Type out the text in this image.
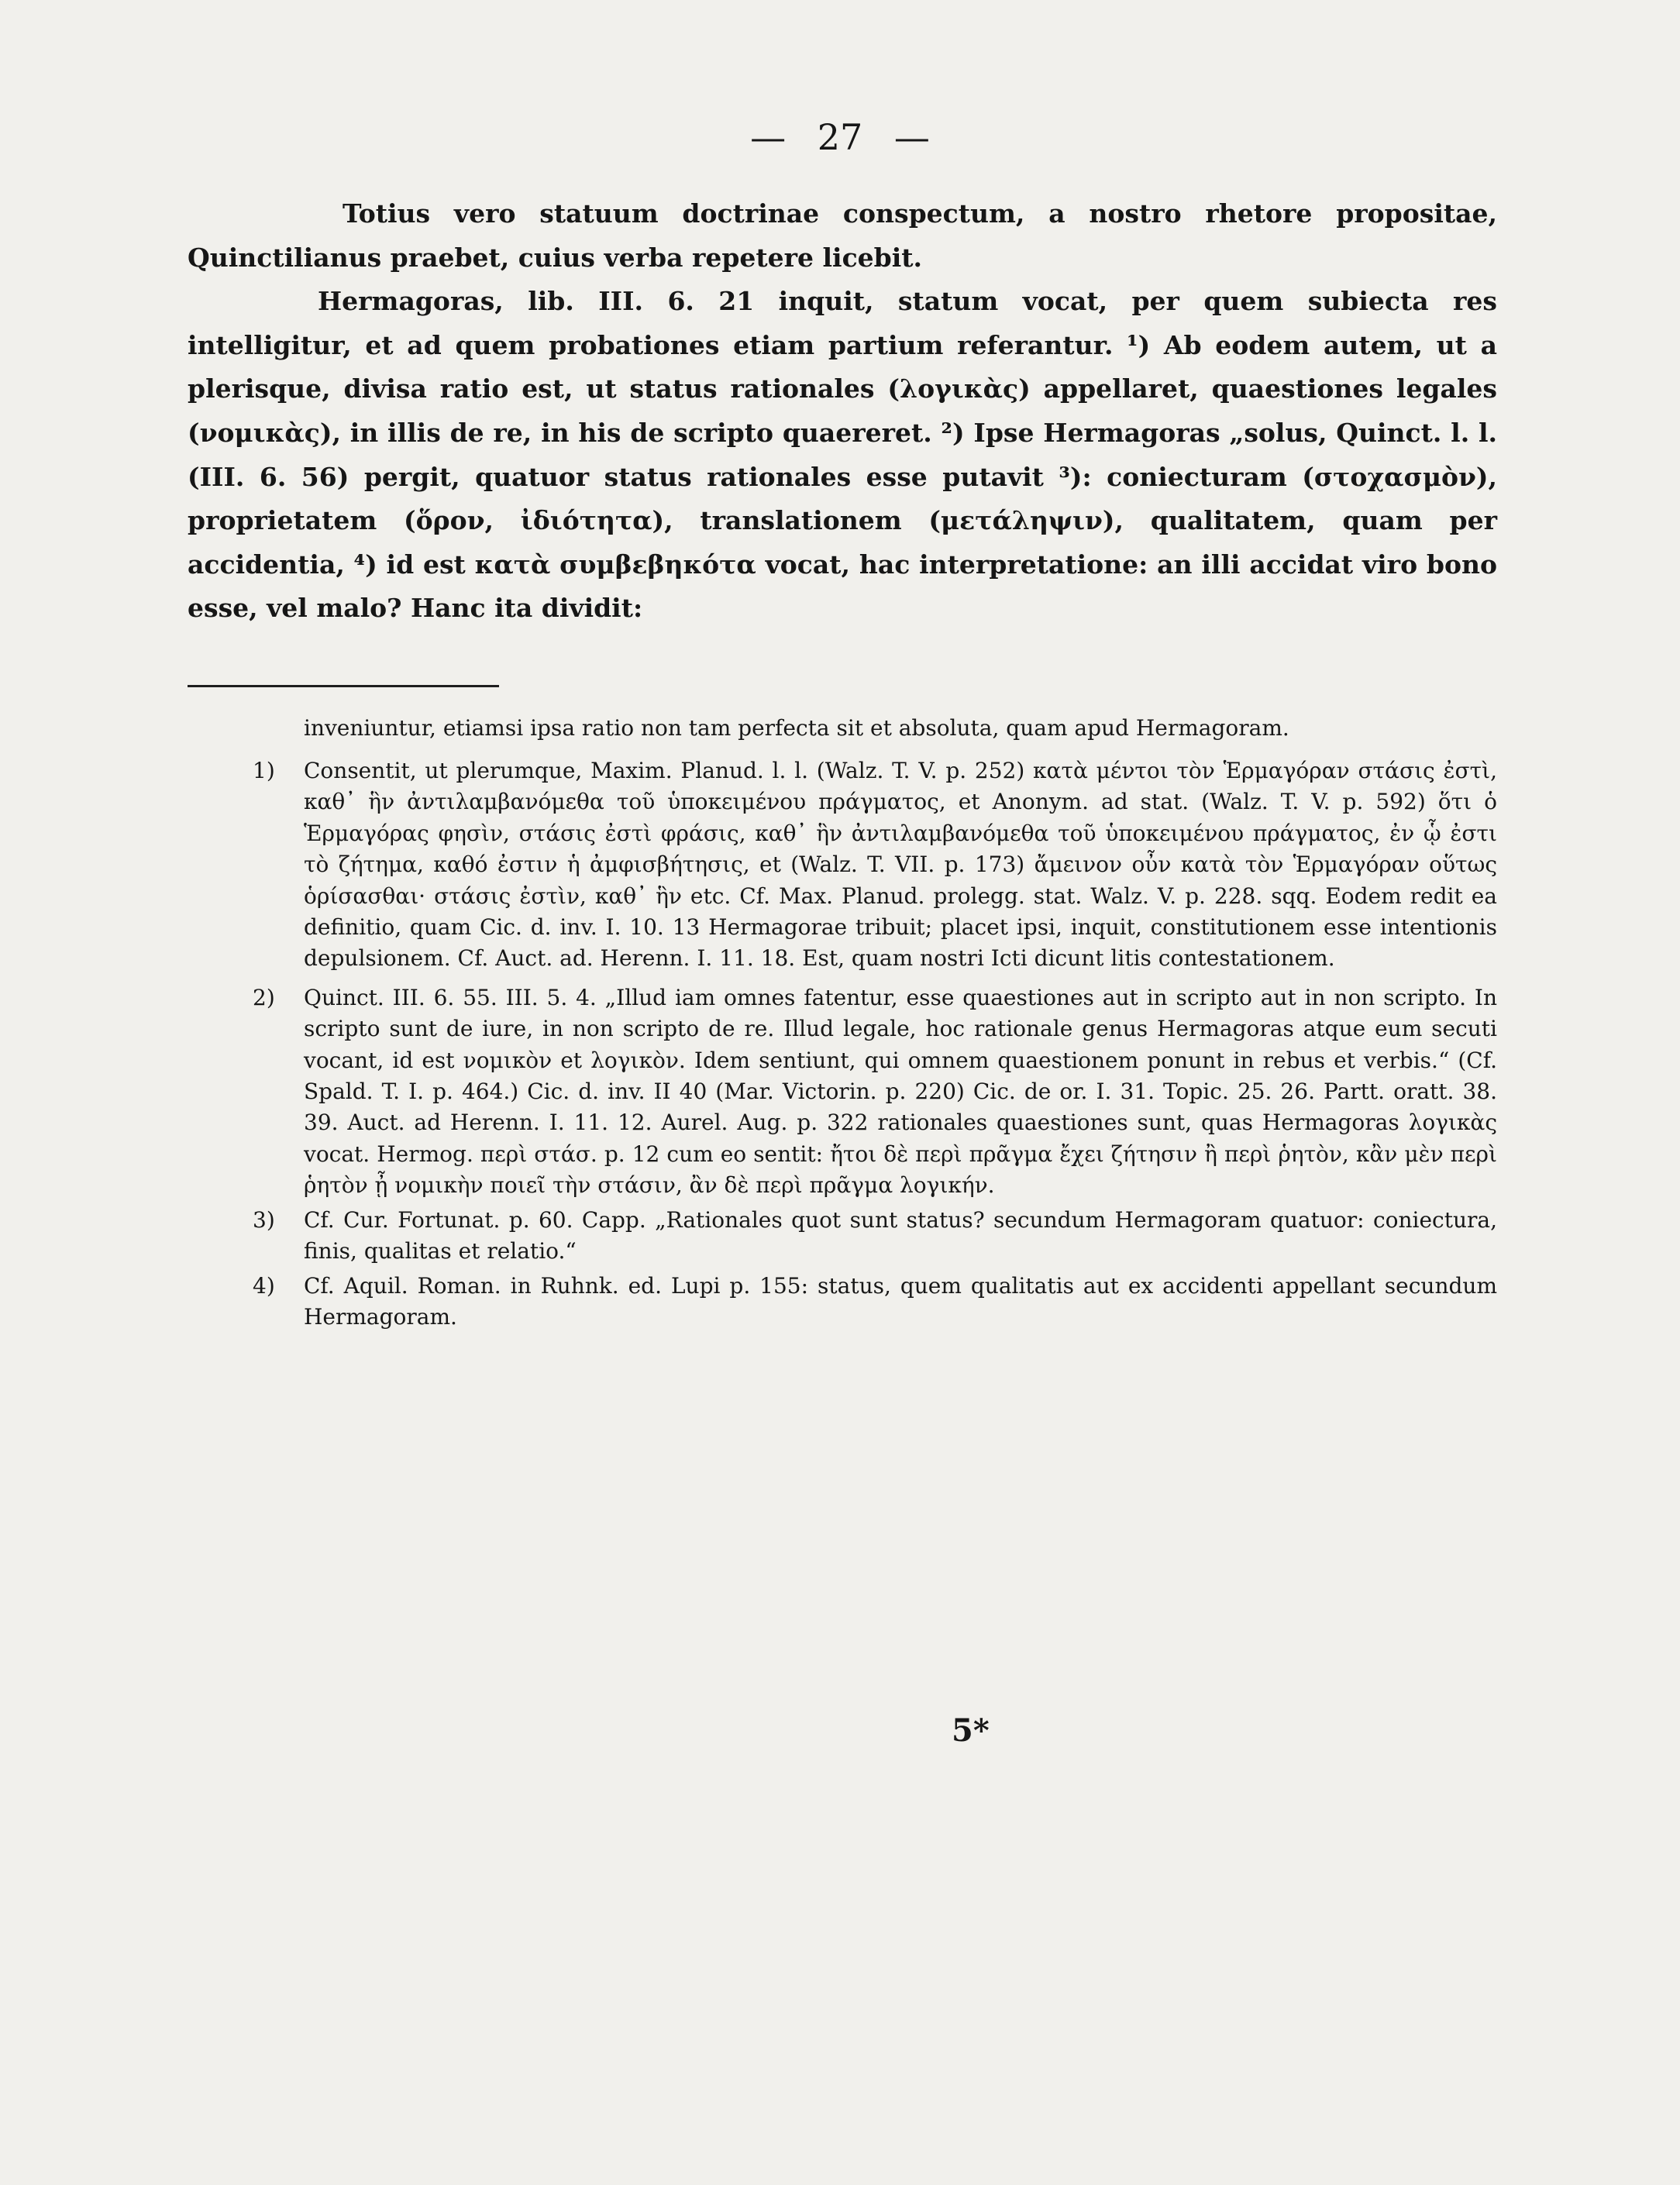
— 27 —

Totius vero statuum doctrinae conspectum, a nostro rhetore propositae, Quinctilianus praebet, cuius verba repetere licebit.

Hermagoras, lib. III. 6. 21 inquit, statum vocat, per quem subiecta res intelligitur, et ad quem probationes etiam partium referantur. ¹) Ab eodem autem, ut a plerisque, divisa ratio est, ut status rationales (λογικὰς) appellaret, quaestiones legales (νομικὰς), in illis de re, in his de scripto quaereret. ²) Ipse Hermagoras „solus, Quinct. l. l. (III. 6. 56) pergit, quatuor status rationales esse putavit ³): coniecturam (στοχασμὸν), proprietatem (ὅρον, ἰδιότητα), translationem (μετάληψιν), qualitatem, quam per accidentia, ⁴) id est κατὰ συμβεβηκότα vocat, hac interpretatione: an illi accidat viro bono esse, vel malo? Hanc ita dividit:

inveniuntur, etiamsi ipsa ratio non tam perfecta sit et absoluta, quam apud Hermagoram.

1) Consentit, ut plerumque, Maxim. Planud. l. l. (Walz. T. V. p. 252) κατὰ μέντοι τὸν Ἑρμαγόραν στάσις ἐστὶ, καθ᾽ ἣν ἀντιλαμβανόμεθα τοῦ ὑποκειμένου πράγματος, et Anonym. ad stat. (Walz. T. V. p. 592) ὅτι ὁ Ἑρμαγόρας φησὶν, στάσις ἐστὶ φράσις, καθ᾽ ἣν ἀντιλαμβανόμεθα τοῦ ὑποκειμένου πράγματος, ἐν ᾧ ἐστι τὸ ζήτημα, καθό ἐστιν ἡ ἀμφισβήτησις, et (Walz. T. VII. p. 173) ἄμεινον οὖν κατὰ τὸν Ἑρμαγόραν οὕτως ὁρίσασθαι· στάσις ἐστὶν, καθ᾽ ἣν etc. Cf. Max. Planud. prolegg. stat. Walz. V. p. 228. sqq. Eodem redit ea definitio, quam Cic. d. inv. I. 10. 13 Hermagorae tribuit; placet ipsi, inquit, constitutionem esse intentionis depulsionem. Cf. Auct. ad. Herenn. I. 11. 18. Est, quam nostri Icti dicunt litis contestationem.
2) Quinct. III. 6. 55. III. 5. 4. „Illud iam omnes fatentur, esse quaestiones aut in scripto aut in non scripto. In scripto sunt de iure, in non scripto de re. Illud legale, hoc rationale genus Hermagoras atque eum secuti vocant, id est νομικὸν et λογικὸν. Idem sentiunt, qui omnem quaestionem ponunt in rebus et verbis.“ (Cf. Spald. T. I. p. 464.) Cic. d. inv. II 40 (Mar. Victorin. p. 220) Cic. de or. I. 31. Topic. 25. 26. Partt. oratt. 38. 39. Auct. ad Herenn. I. 11. 12. Aurel. Aug. p. 322 rationales quaestiones sunt, quas Hermagoras λογικὰς vocat. Hermog. περὶ στάσ. p. 12 cum eo sentit: ἤτοι δὲ περὶ πρᾶγμα ἔχει ζήτησιν ἢ περὶ ῥητὸν, κἂν μὲν περὶ ῥητὸν ᾖ νομικὴν ποιεῖ τὴν στάσιν, ἂν δὲ περὶ πρᾶγμα λογικήν.
3) Cf. Cur. Fortunat. p. 60. Capp. „Rationales quot sunt status? secundum Hermagoram quatuor: coniectura, finis, qualitas et relatio.“
4) Cf. Aquil. Roman. in Ruhnk. ed. Lupi p. 155: status, quem qualitatis aut ex accidenti appellant secundum Hermagoram.
5*
